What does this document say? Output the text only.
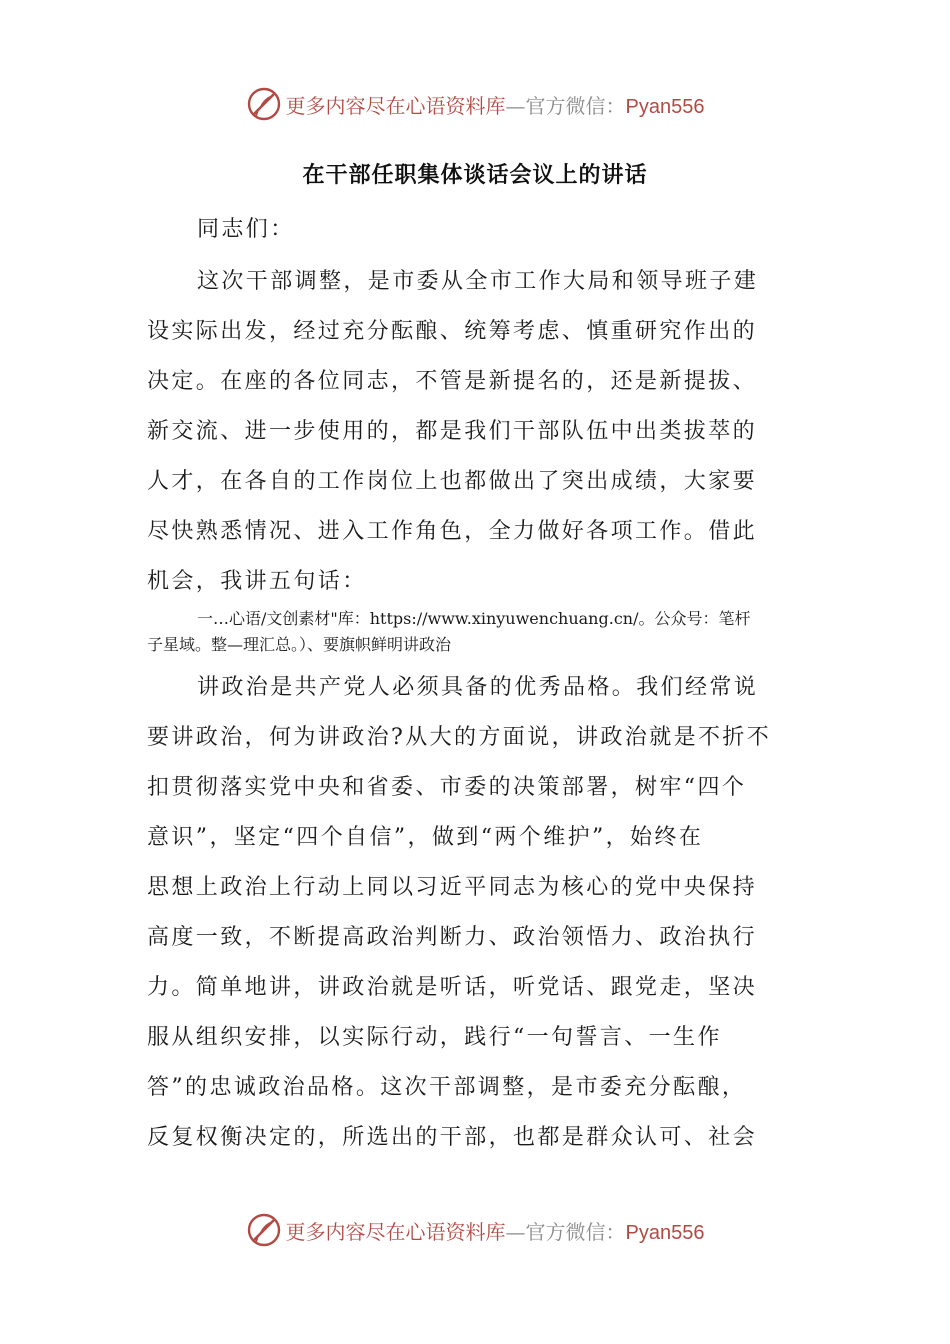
更多内容尽在心语资料库—官方微信：Pyan556
在干部任职集体谈话会议上的讲话
同志们：
这次干部调整，是市委从全市工作大局和领导班子建
设实际出发，经过充分酝酿、统筹考虑、慎重研究作出的
决定。在座的各位同志，不管是新提名的，还是新提拔、
新交流、进一步使用的，都是我们干部队伍中出类拔萃的
人才，在各自的工作岗位上也都做出了突出成绩，大家要
尽快熟悉情况、进入工作角色，全力做好各项工作。借此
机会，我讲五句话：
一…心语/文创素材"库：https://www.xinyuwenchuang.cn/。公众号：笔杆
子星域。整—理汇总。）、要旗帜鲜明讲政治
讲政治是共产党人必须具备的优秀品格。我们经常说
要讲政治，何为讲政治?从大的方面说，讲政治就是不折不
扣贯彻落实党中央和省委、市委的决策部署，树牢“四个
意识”，坚定“四个自信”，做到“两个维护”，始终在
思想上政治上行动上同以习近平同志为核心的党中央保持
高度一致，不断提高政治判断力、政治领悟力、政治执行
力。简单地讲，讲政治就是听话，听党话、跟党走，坚决
服从组织安排，以实际行动，践行“一句誓言、一生作
答”的忠诚政治品格。这次干部调整，是市委充分酝酿，
反复权衡决定的，所选出的干部，也都是群众认可、社会
更多内容尽在心语资料库—官方微信：Pyan556
